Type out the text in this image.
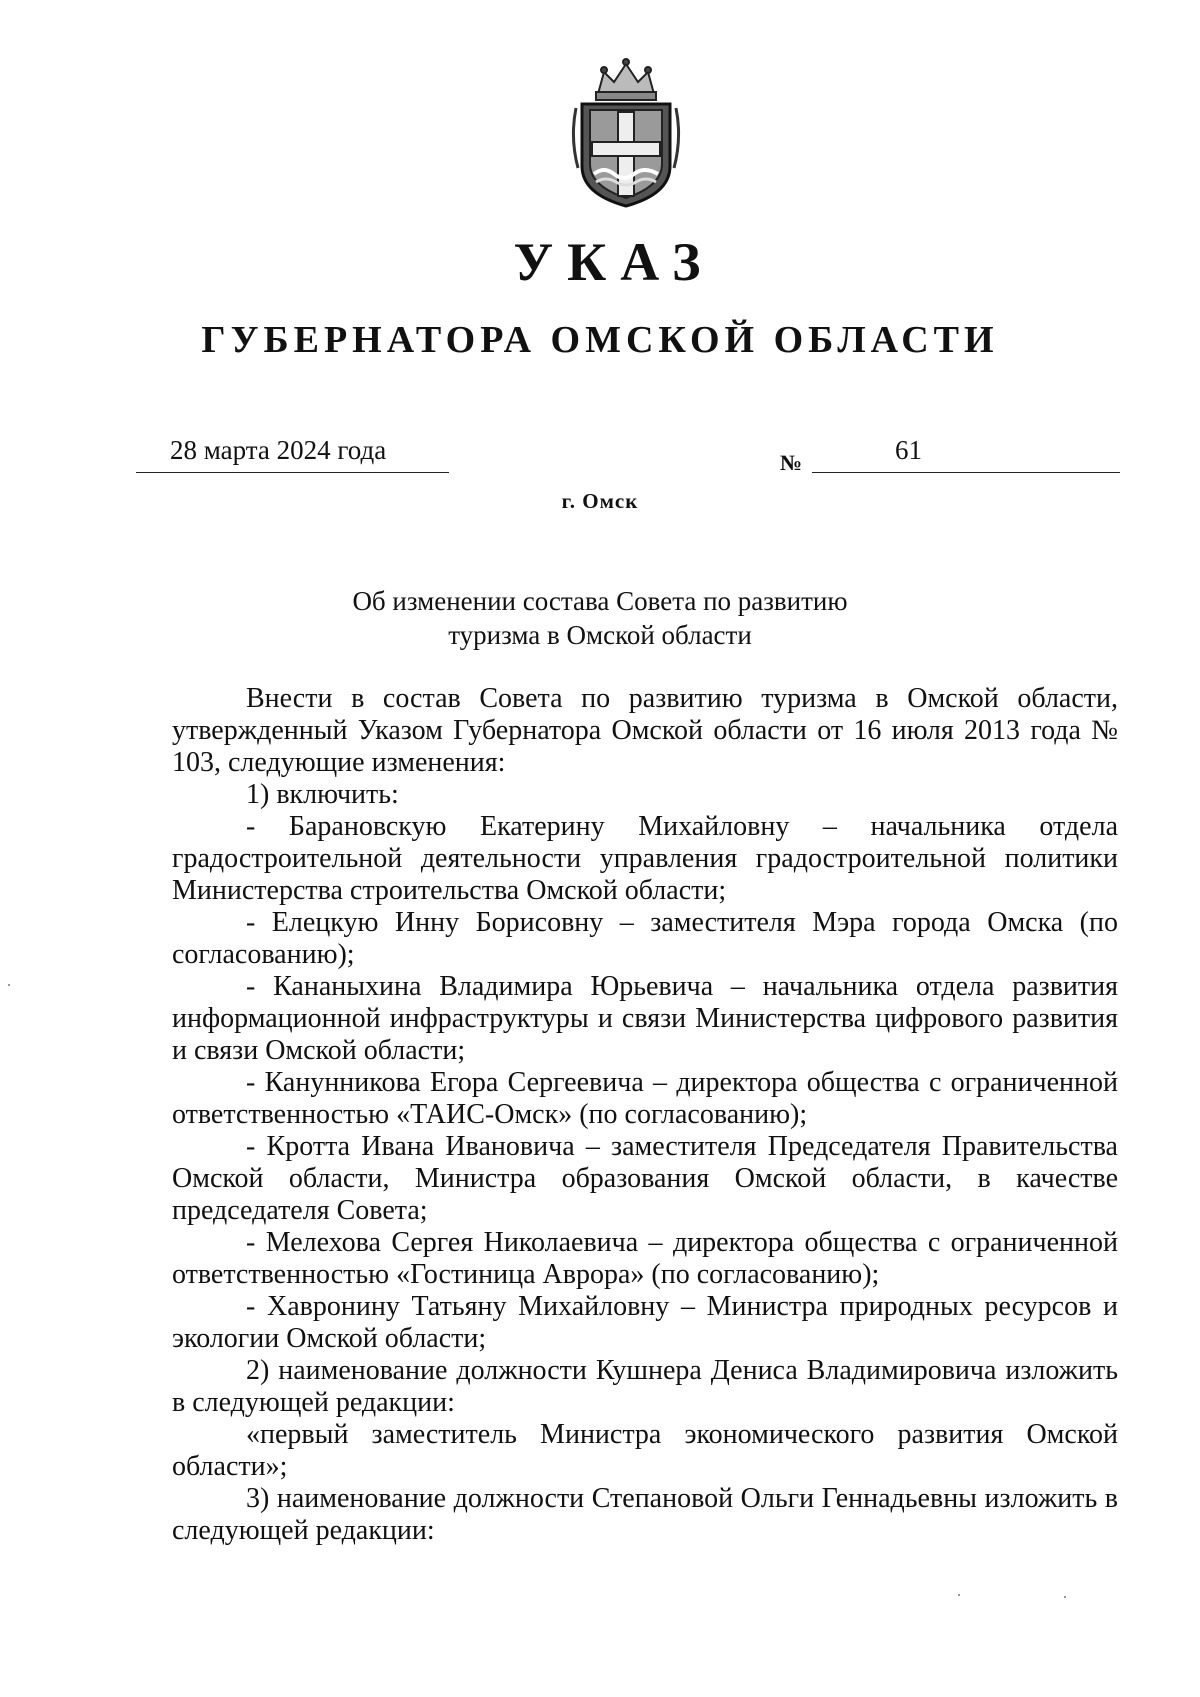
УКАЗ
ГУБЕРНАТОРА ОМСКОЙ ОБЛАСТИ
28 марта 2024 года	№	61
г. Омск
Об изменении состава Совета по развитию
туризма в Омской области

Внести в состав Совета по развитию туризма в Омской области, утвержденный Указом Губернатора Омской области от 16 июля 2013 года № 103, следующие изменения:

1) включить:

- Барановскую Екатерину Михайловну – начальника отдела градостроительной деятельности управления градостроительной политики Министерства строительства Омской области;

- Елецкую Инну Борисовну – заместителя Мэра города Омска (по согласованию);

- Кананыхина Владимира Юрьевича – начальника отдела развития информационной инфраструктуры и связи Министерства цифрового развития и связи Омской области;

- Канунникова Егора Сергеевича – директора общества с ограниченной ответственностью «ТАИС-Омск» (по согласованию);

- Кротта Ивана Ивановича – заместителя Председателя Правительства Омской области, Министра образования Омской области, в качестве председателя Совета;

- Мелехова Сергея Николаевича – директора общества с ограниченной ответственностью «Гостиница Аврора» (по согласованию);

- Хавронину Татьяну Михайловну – Министра природных ресурсов и экологии Омской области;

2) наименование должности Кушнера Дениса Владимировича изложить в следующей редакции:

«первый заместитель Министра экономического развития Омской области»;

3) наименование должности Степановой Ольги Геннадьевны изложить в следующей редакции:
